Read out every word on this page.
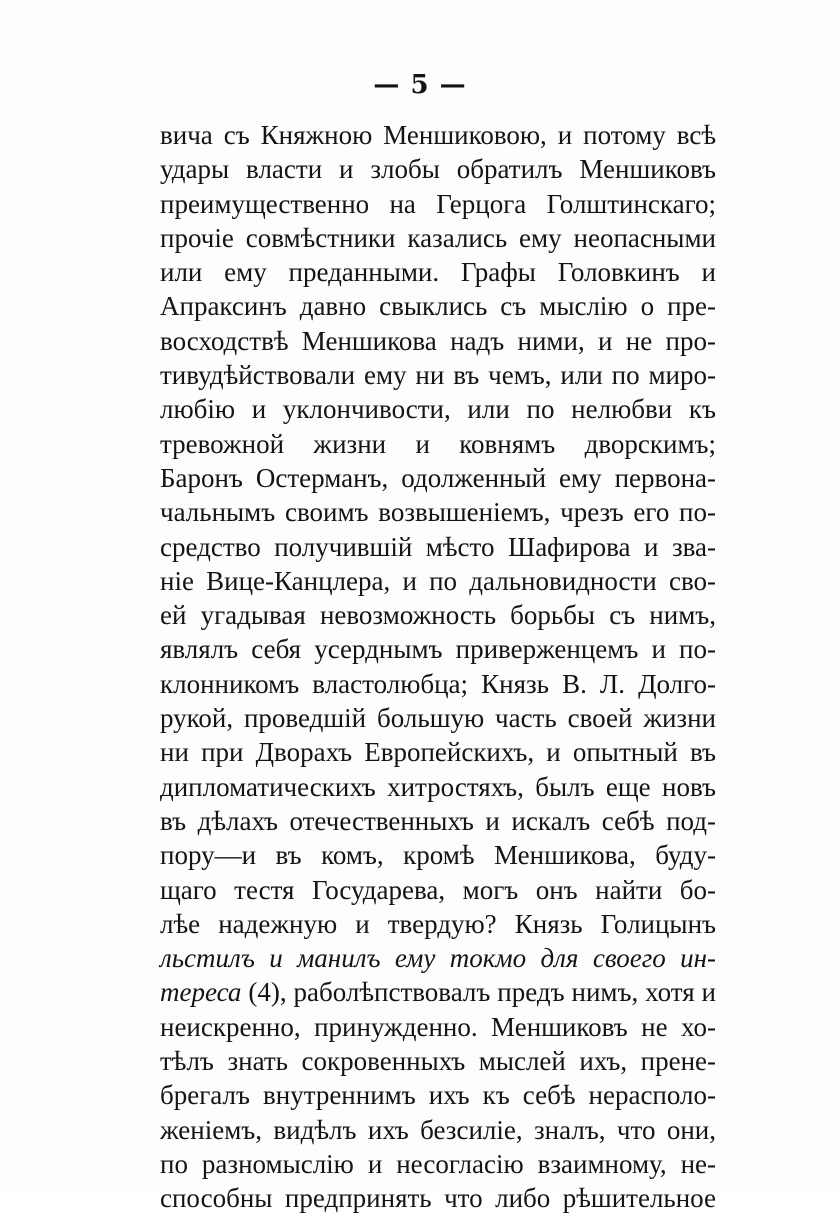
— 5 —
вича съ Княжною Меншиковою, и потому всѣ
удары власти и злобы обратилъ Меншиковъ
преимущественно на Герцога Голштинскаго;
прочіе совмѣстники казались ему неопасными
или ему преданными. Графы Головкинъ и
Апраксинъ давно свыклись съ мыслію о пре-
восходствѣ Меншикова надъ ними, и не про-
тивудѣйствовали ему ни въ чемъ, или по миро-
любію и уклончивости, или по нелюбви къ
тревожной жизни и ковнямъ дворскимъ;
Баронъ Остерманъ, одолженный ему первона-
чальнымъ своимъ возвышеніемъ, чрезъ его по-
средство получившій мѣсто Шафирова и зва-
ніе Вице-Канцлера, и по дальновидности сво-
ей угадывая невозможность борьбы съ нимъ,
являлъ себя усерднымъ приверженцемъ и по-
клонникомъ властолюбца; Князь В. Л. Долго-
рукой, проведшій большую часть своей жизни
ни при Дворахъ Европейскихъ, и опытный въ
дипломатическихъ хитростяхъ, былъ еще новъ
въ дѣлахъ отечественныхъ и искалъ себѣ под-
пору—и въ комъ, кромѣ Меншикова, буду-
щаго тестя Государева, могъ онъ найти бо-
лѣе надежную и твердую? Князь Голицынъ
льстилъ и манилъ ему токмо для своего ин-
тереса (4), раболѣпствовалъ предъ нимъ, хотя и
неискренно, принужденно. Меншиковъ не хо-
тѣлъ знать сокровенныхъ мыслей ихъ, прене-
брегалъ внутреннимъ ихъ къ себѣ нерасполо-
женіемъ, видѣлъ ихъ безсиліе, зналъ, что они,
по разномыслію и несогласію взаимному, не-
способны предпринять что либо рѣшительное
